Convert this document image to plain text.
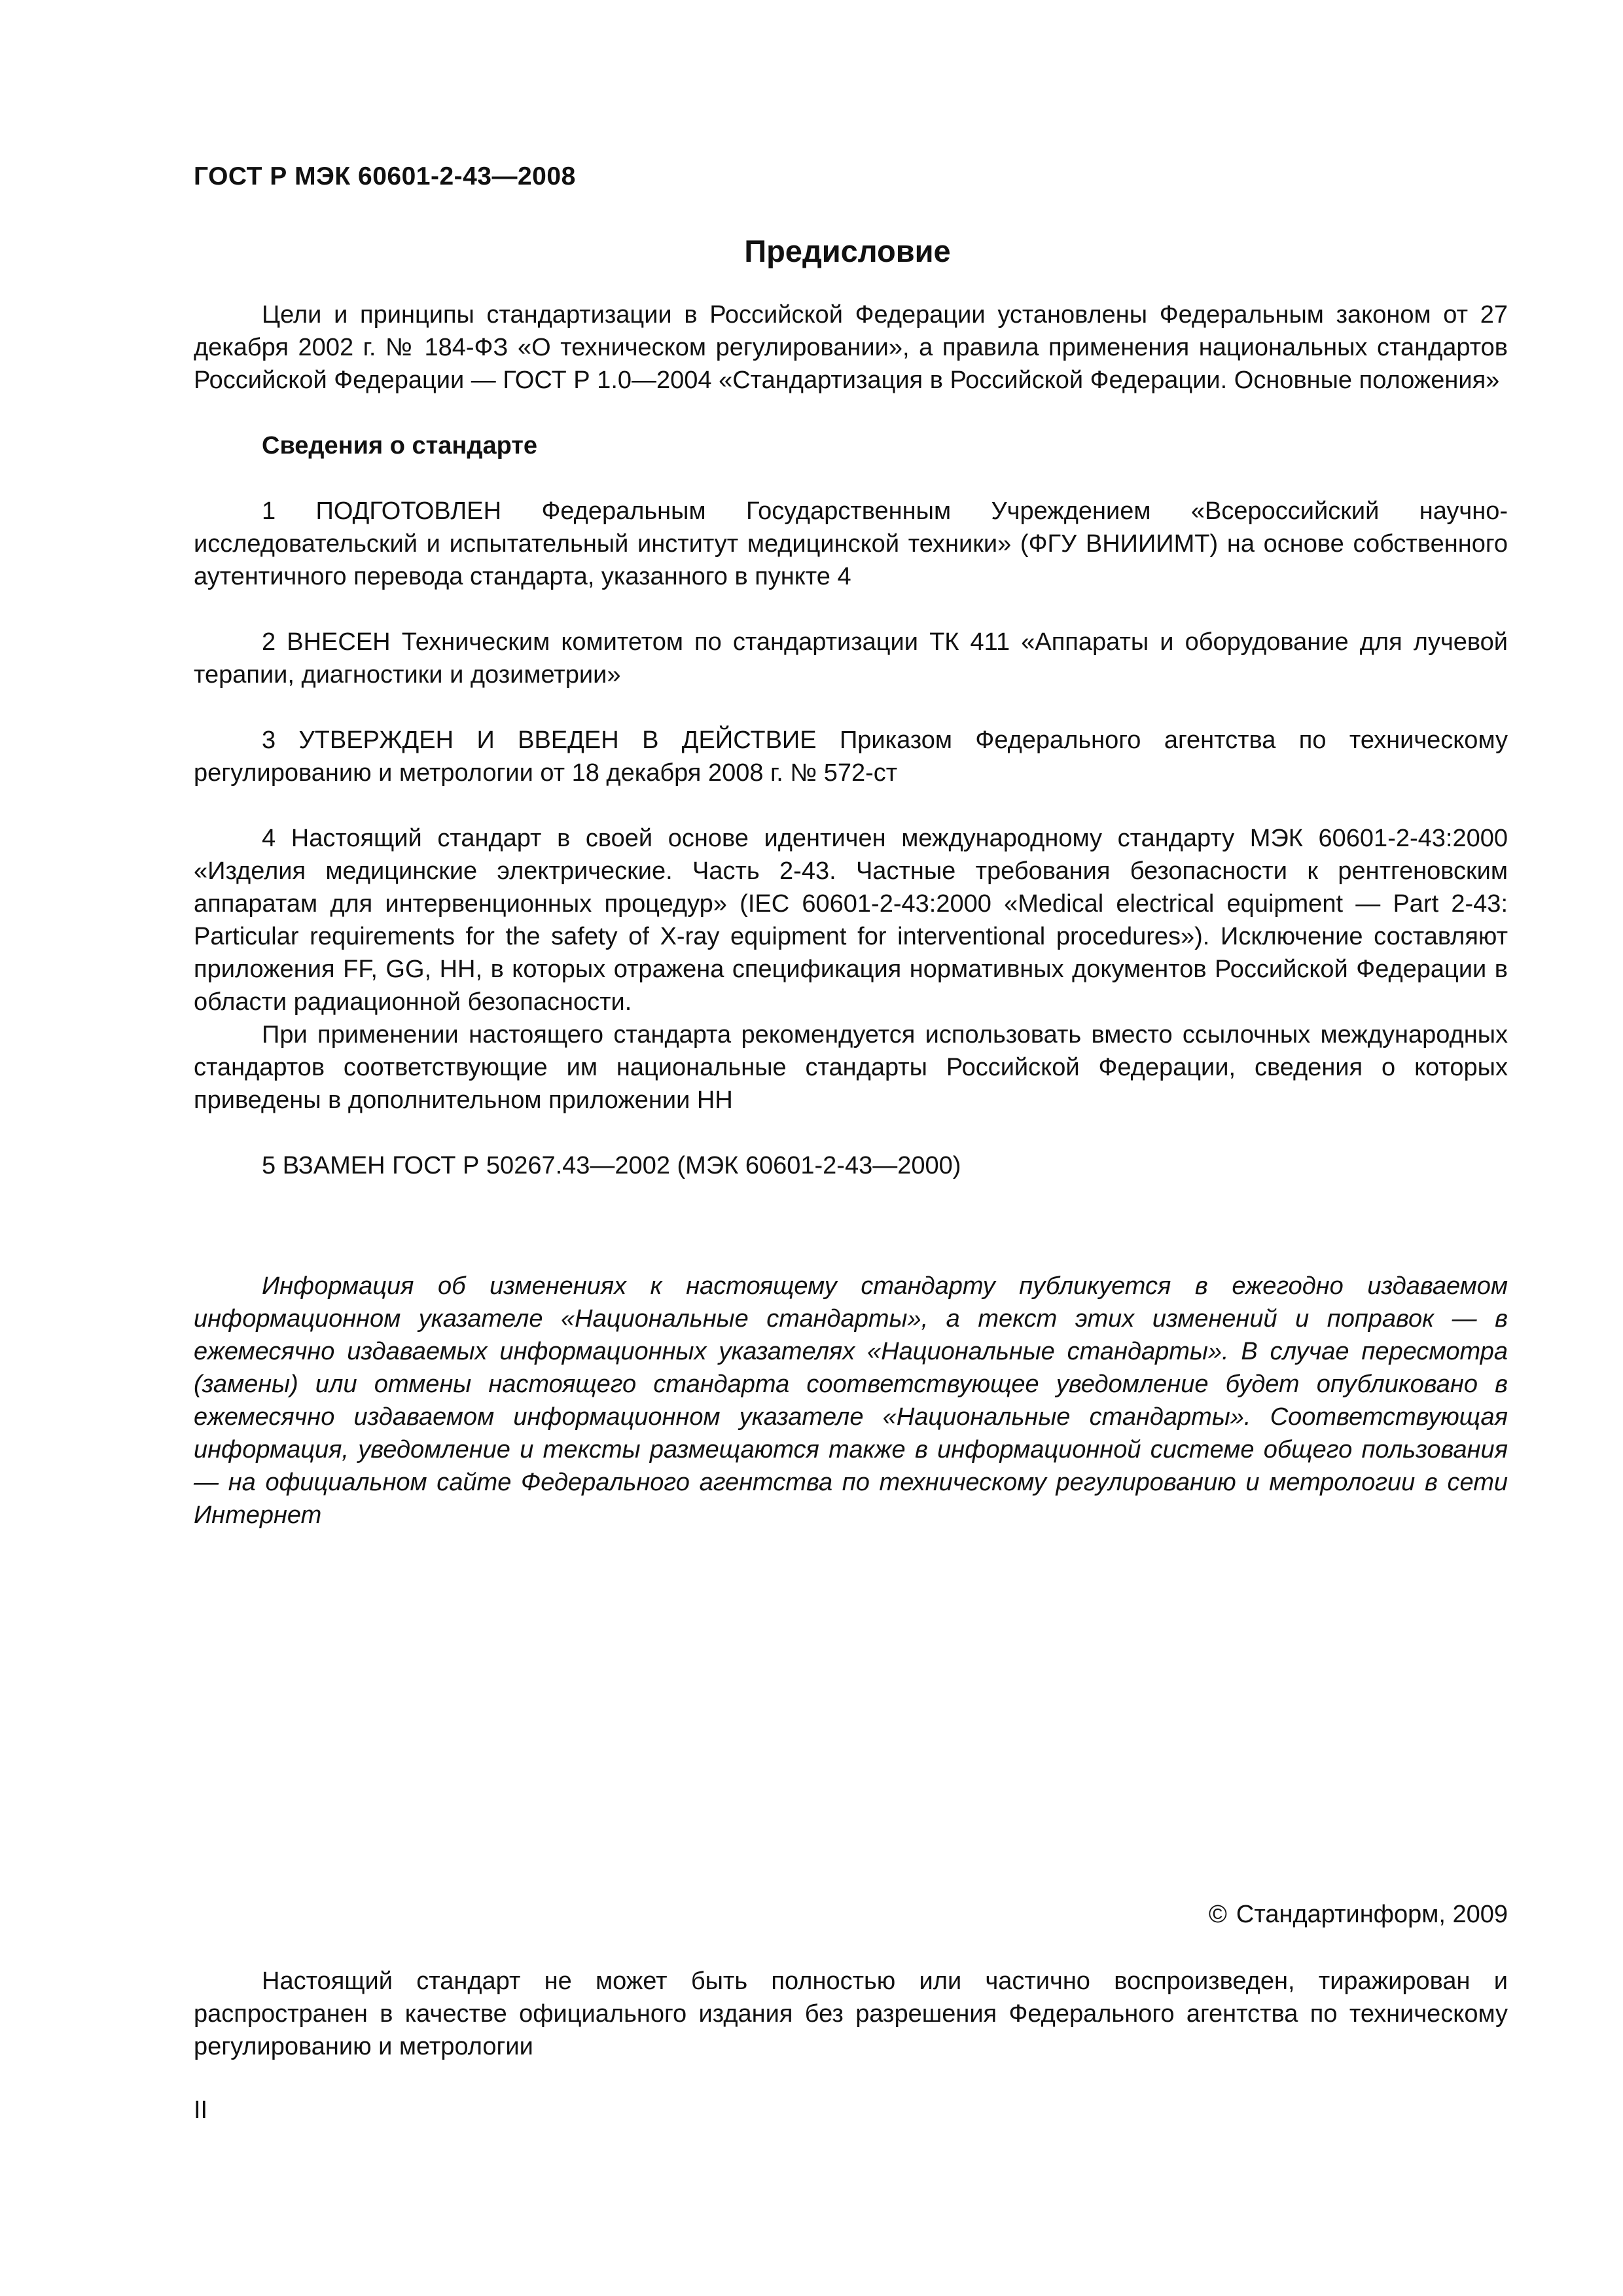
ГОСТ Р МЭК 60601-2-43—2008
Предисловие

Цели и принципы стандартизации в Российской Федерации установлены Федеральным законом от 27 декабря 2002 г. № 184-ФЗ «О техническом регулировании», а правила применения национальных стандартов Российской Федерации — ГОСТ Р 1.0—2004 «Стандартизация в Российской Федерации. Основные положения»

Сведения о стандарте

1 ПОДГОТОВЛЕН Федеральным Государственным Учреждением «Всероссийский научно-исследовательский и испытательный институт медицинской техники» (ФГУ ВНИИИМТ) на основе собственного аутентичного перевода стандарта, указанного в пункте 4

2 ВНЕСЕН Техническим комитетом по стандартизации ТК 411 «Аппараты и оборудование для лучевой терапии, диагностики и дозиметрии»

3 УТВЕРЖДЕН И ВВЕДЕН В ДЕЙСТВИЕ Приказом Федерального агентства по техническому регулированию и метрологии от 18 декабря 2008 г. № 572-ст

4 Настоящий стандарт в своей основе идентичен международному стандарту МЭК 60601-2-43:2000 «Изделия медицинские электрические. Часть 2-43. Частные требования безопасности к рентгеновским аппаратам для интервенционных процедур» (IEC 60601-2-43:2000 «Medical electrical equipment — Part 2-43: Particular requirements for the safety of X-ray equipment for interventional procedures»). Исключение составляют приложения FF, GG, HH, в которых отражена спецификация нормативных документов Российской Федерации в области радиационной безопасности.

При применении настоящего стандарта рекомендуется использовать вместо ссылочных международных стандартов соответствующие им национальные стандарты Российской Федерации, сведения о которых приведены в дополнительном приложении HH

5 ВЗАМЕН ГОСТ Р 50267.43—2002 (МЭК 60601-2-43—2000)

Информация об изменениях к настоящему стандарту публикуется в ежегодно издаваемом информационном указателе «Национальные стандарты», а текст этих изменений и поправок — в ежемесячно издаваемых информационных указателях «Национальные стандарты». В случае пересмотра (замены) или отмены настоящего стандарта соответствующее уведомление будет опубликовано в ежемесячно издаваемом информационном указателе «Национальные стандарты». Соответствующая информация, уведомление и тексты размещаются также в информационной системе общего пользования — на официальном сайте Федерального агентства по техническому регулированию и метрологии в сети Интернет

© Стандартинформ, 2009

Настоящий стандарт не может быть полностью или частично воспроизведен, тиражирован и распространен в качестве официального издания без разрешения Федерального агентства по техническому регулированию и метрологии

II
